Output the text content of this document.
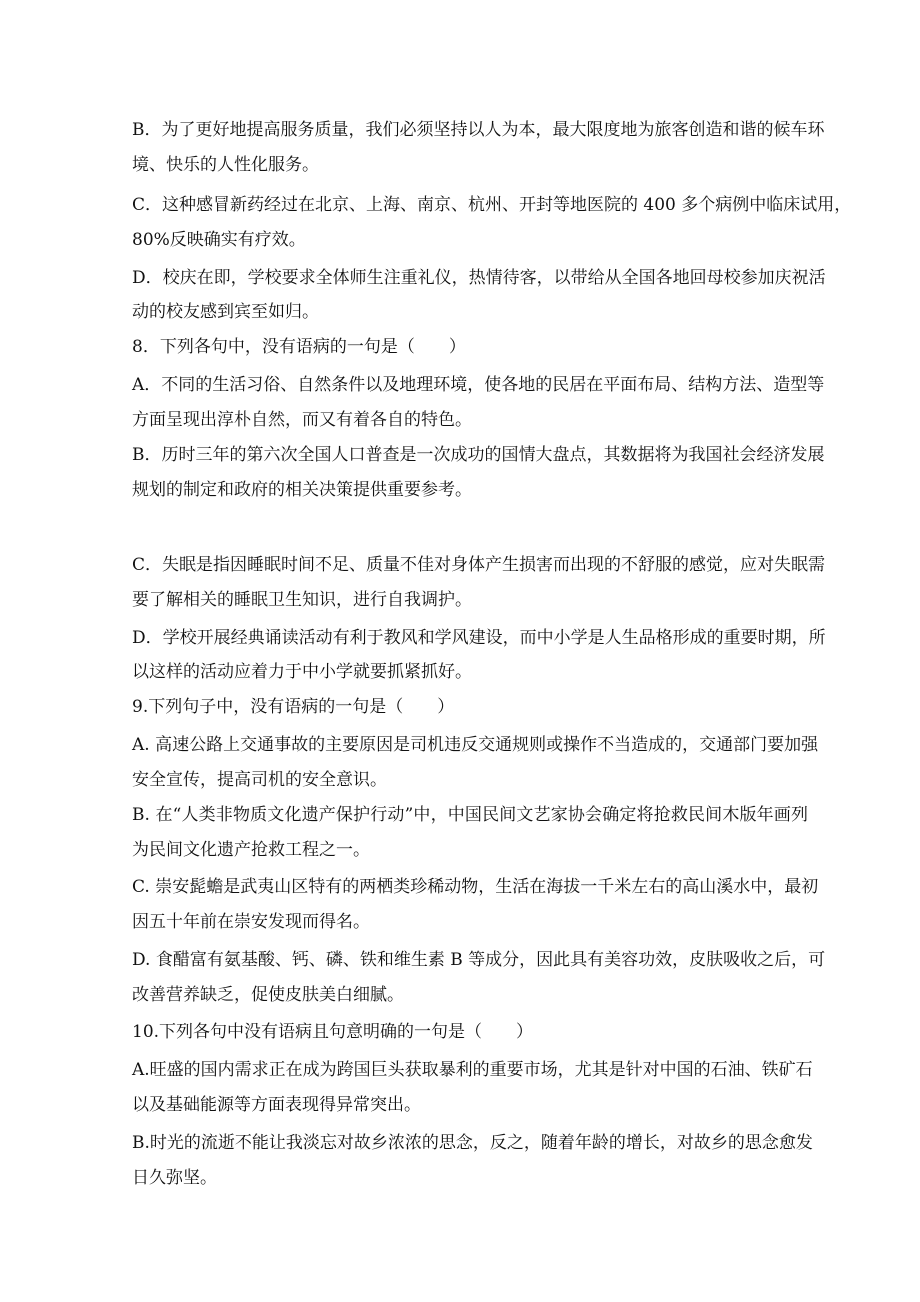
B．为了更好地提高服务质量，我们必须坚持以人为本，最大限度地为旅客创造和谐的候车环
境、快乐的人性化服务。
C．这种感冒新药经过在北京、上海、南京、杭州、开封等地医院的 400 多个病例中临床试用，
80%反映确实有疗效。
D．校庆在即，学校要求全体师生注重礼仪，热情待客，以带给从全国各地回母校参加庆祝活
动的校友感到宾至如归。
8．下列各句中，没有语病的一句是（　　）
A．不同的生活习俗、自然条件以及地理环境，使各地的民居在平面布局、结构方法、造型等
方面呈现出淳朴自然，而又有着各自的特色。
B．历时三年的第六次全国人口普查是一次成功的国情大盘点，其数据将为我国社会经济发展
规划的制定和政府的相关决策提供重要参考。
C．失眠是指因睡眠时间不足、质量不佳对身体产生损害而出现的不舒服的感觉，应对失眠需
要了解相关的睡眠卫生知识，进行自我调护。
D．学校开展经典诵读活动有利于教风和学风建设，而中小学是人生品格形成的重要时期，所
以这样的活动应着力于中小学就要抓紧抓好。
9.下列句子中，没有语病的一句是（　　）
A. 高速公路上交通事故的主要原因是司机违反交通规则或操作不当造成的，交通部门要加强
安全宣传，提高司机的安全意识。
B. 在“人类非物质文化遗产保护行动”中，中国民间文艺家协会确定将抢救民间木版年画列
为民间文化遗产抢救工程之一。
C. 崇安髭蟾是武夷山区特有的两栖类珍稀动物，生活在海拔一千米左右的高山溪水中，最初
因五十年前在崇安发现而得名。
D. 食醋富有氨基酸、钙、磷、铁和维生素 B 等成分，因此具有美容功效，皮肤吸收之后，可
改善营养缺乏，促使皮肤美白细腻。
10.下列各句中没有语病且句意明确的一句是（　　）
A.旺盛的国内需求正在成为跨国巨头获取暴利的重要市场，尤其是针对中国的石油、铁矿石
以及基础能源等方面表现得异常突出。
B.时光的流逝不能让我淡忘对故乡浓浓的思念，反之，随着年龄的增长，对故乡的思念愈发
日久弥坚。
